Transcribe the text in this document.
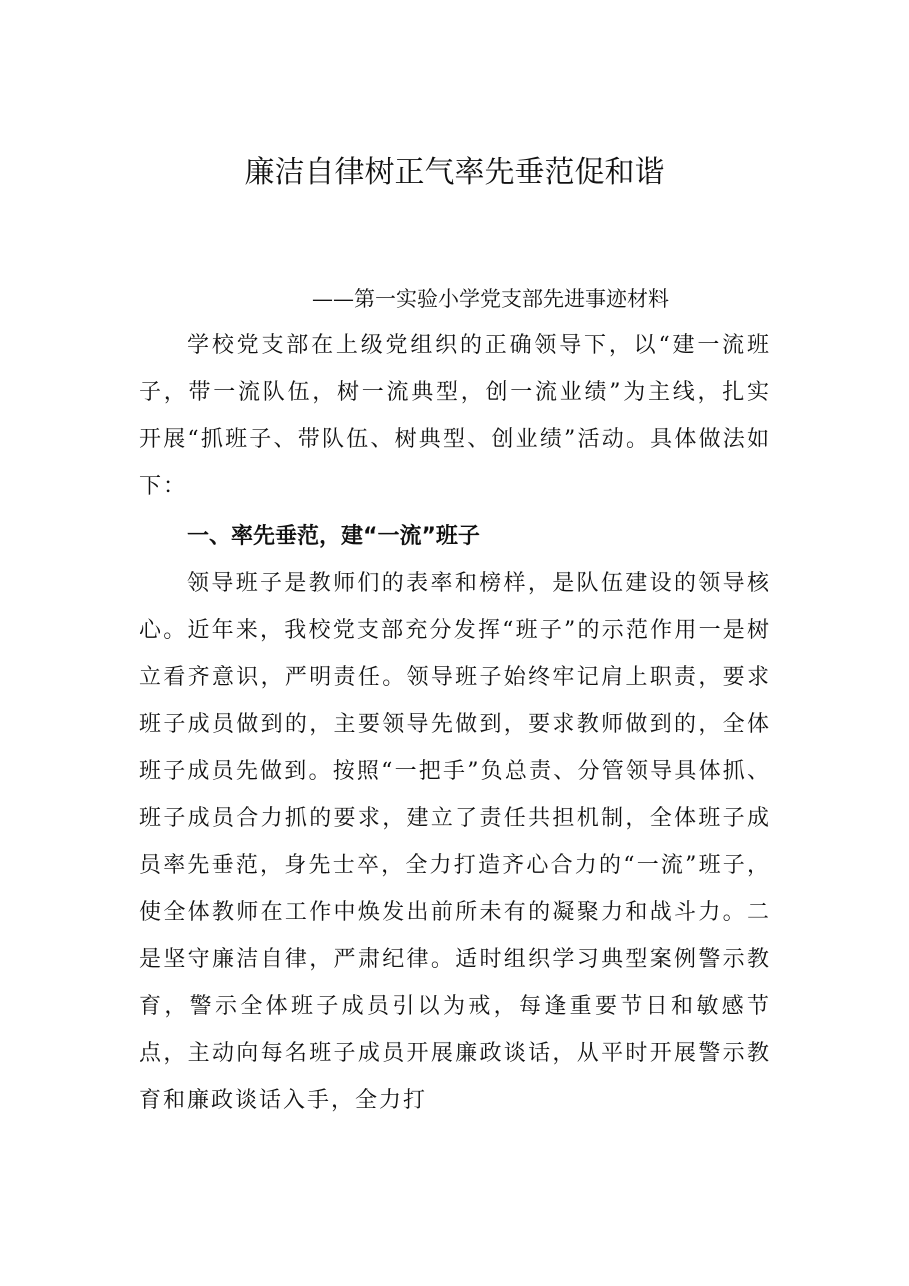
廉洁自律树正气率先垂范促和谐
——第一实验小学党支部先进事迹材料

学校党支部在上级党组织的正确领导下，以“建一流班子，带一流队伍，树一流典型，创一流业绩”为主线，扎实开展“抓班子、带队伍、树典型、创业绩”活动。具体做法如下：

一、率先垂范，建“一流”班子

领导班子是教师们的表率和榜样，是队伍建设的领导核心。近年来，我校党支部充分发挥“班子”的示范作用一是树立看齐意识，严明责任。领导班子始终牢记肩上职责，要求班子成员做到的，主要领导先做到，要求教师做到的，全体班子成员先做到。按照“一把手”负总责、分管领导具体抓、班子成员合力抓的要求，建立了责任共担机制，全体班子成员率先垂范，身先士卒，全力打造齐心合力的“一流”班子，使全体教师在工作中焕发出前所未有的凝聚力和战斗力。二是坚守廉洁自律，严肃纪律。适时组织学习典型案例警示教育，警示全体班子成员引以为戒，每逢重要节日和敏感节点，主动向每名班子成员开展廉政谈话，从平时开展警示教育和廉政谈话入手，全力打
